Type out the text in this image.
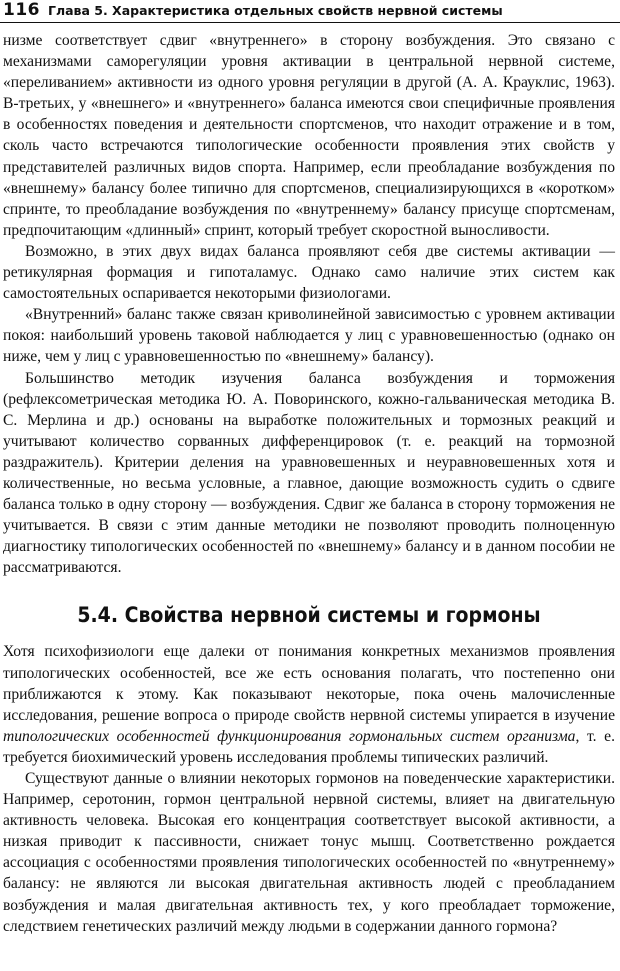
116 Глава 5. Характеристика отдельных свойств нервной системы

низме соответствует сдвиг «внутреннего» в сторону возбуждения. Это связано с механизмами саморегуляции уровня активации в центральной нервной системе, «переливанием» активности из одного уровня регуляции в другой (А. А. Крауклис, 1963). В-третьих, у «внешнего» и «внутреннего» баланса имеются свои специфичные проявления в особенностях поведения и деятельности спортсменов, что находит отражение и в том, сколь часто встречаются типологические особенности проявления этих свойств у представителей различных видов спорта. Например, если преобладание возбуждения по «внешнему» балансу более типично для спортсменов, специализирующихся в «коротком» спринте, то преобладание возбуждения по «внутреннему» балансу присуще спортсменам, предпочитающим «длинный» спринт, который требует скоростной выносливости.

Возможно, в этих двух видах баланса проявляют себя две системы активации — ретикулярная формация и гипоталамус. Однако само наличие этих систем как самостоятельных оспаривается некоторыми физиологами.

«Внутренний» баланс также связан криволинейной зависимостью с уровнем активации покоя: наибольший уровень таковой наблюдается у лиц с уравновешенностью (однако он ниже, чем у лиц с уравновешенностью по «внешнему» балансу).

Большинство методик изучения баланса возбуждения и торможения (рефлексометрическая методика Ю. А. Поворинского, кожно-гальваническая методика В. С. Мерлина и др.) основаны на выработке положительных и тормозных реакций и учитывают количество сорванных дифференцировок (т. е. реакций на тормозной раздражитель). Критерии деления на уравновешенных и неуравновешенных хотя и количественные, но весьма условные, а главное, дающие возможность судить о сдвиге баланса только в одну сторону — возбуждения. Сдвиг же баланса в сторону торможения не учитывается. В связи с этим данные методики не позволяют проводить полноценную диагностику типологических особенностей по «внешнему» балансу и в данном пособии не рассматриваются.

5.4. Свойства нервной системы и гормоны

Хотя психофизиологи еще далеки от понимания конкретных механизмов проявления типологических особенностей, все же есть основания полагать, что постепенно они приближаются к этому. Как показывают некоторые, пока очень малочисленные исследования, решение вопроса о природе свойств нервной системы упирается в изучение типологических особенностей функционирования гормональных систем организма, т. е. требуется биохимический уровень исследования проблемы типических различий.

Существуют данные о влиянии некоторых гормонов на поведенческие характеристики. Например, серотонин, гормон центральной нервной системы, влияет на двигательную активность человека. Высокая его концентрация соответствует высокой активности, а низкая приводит к пассивности, снижает тонус мышц. Соответственно рождается ассоциация с особенностями проявления типологических особенностей по «внутреннему» балансу: не являются ли высокая двигательная активность людей с преобладанием возбуждения и малая двигательная активность тех, у кого преобладает торможение, следствием генетических различий между людьми в содержании данного гормона?
